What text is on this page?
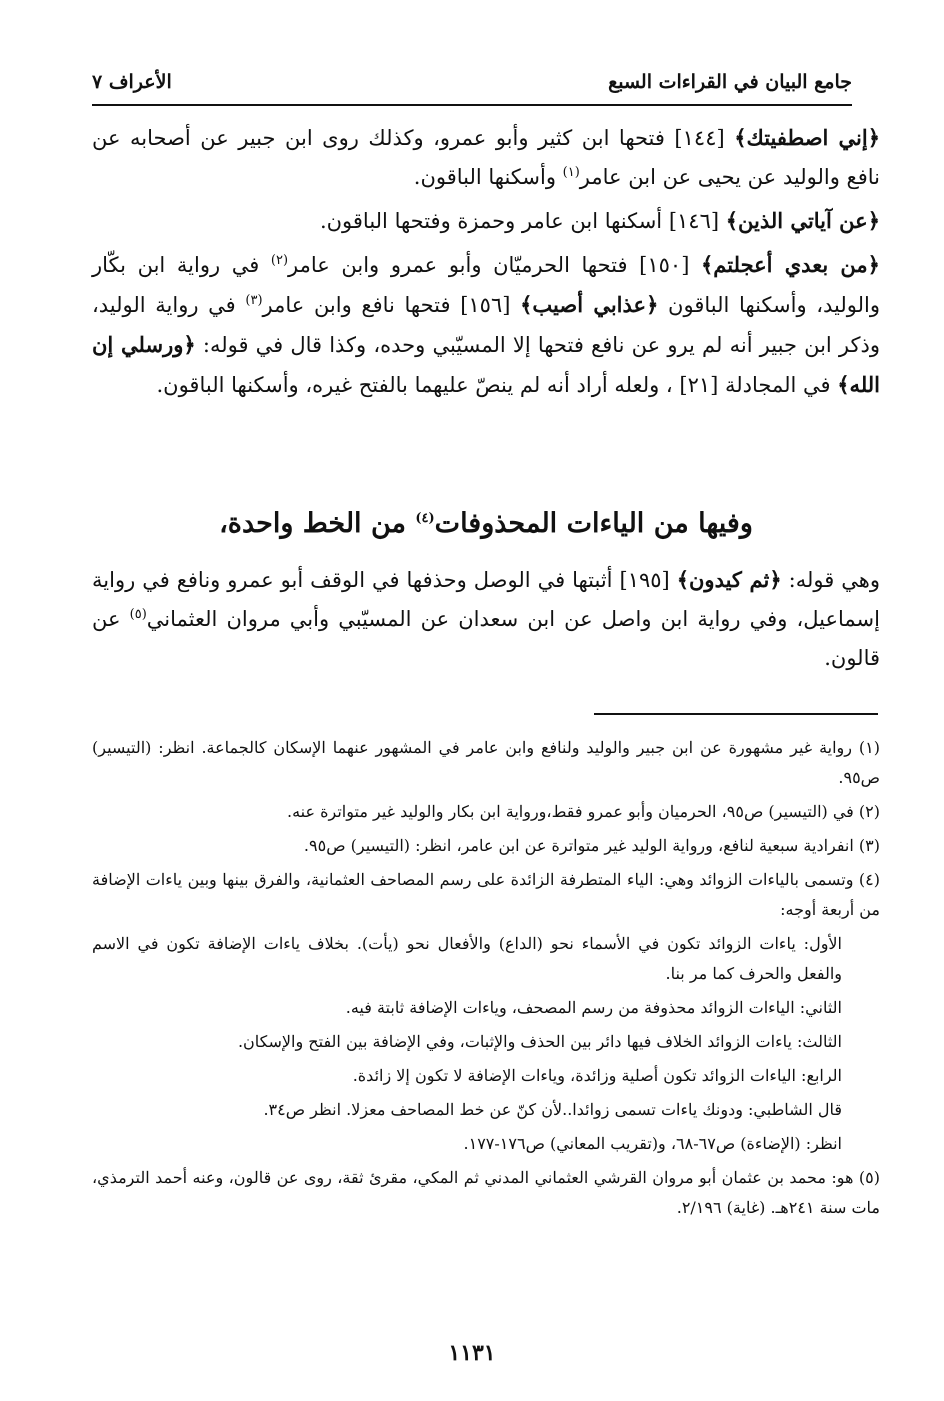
جامع البيان في القراءات السبع
الأعراف ٧

﴿إني اصطفيتك﴾ [١٤٤] فتحها ابن كثير وأبو عمرو، وكذلك روى ابن جبير عن أصحابه عن نافع والوليد عن يحيى عن ابن عامر$^{(١)}$ وأسكنها الباقون.

﴿عن آياتي الذين﴾ [١٤٦] أسكنها ابن عامر وحمزة وفتحها الباقون.

﴿من بعدي أعجلتم﴾ [١٥٠] فتحها الحرميّان وأبو عمرو وابن عامر$^{(٢)}$ في رواية ابن بكّار والوليد، وأسكنها الباقون ﴿عذابي أصيب﴾ [١٥٦] فتحها نافع وابن عامر$^{(٣)}$ في رواية الوليد، وذكر ابن جبير أنه لم يرو عن نافع فتحها إلا المسيّبي وحده، وكذا قال في قوله: ﴿ورسلي إن الله﴾ في المجادلة [٢١] ، ولعله أراد أنه لم ينصّ عليهما بالفتح غيره، وأسكنها الباقون.

وفيها من الياءات المحذوفات$^{(٤)}$ من الخط واحدة،

وهي قوله: ﴿ثم كيدون﴾ [١٩٥] أثبتها في الوصل وحذفها في الوقف أبو عمرو ونافع في رواية إسماعيل، وفي رواية ابن واصل عن ابن سعدان عن المسيّبي وأبي مروان العثماني$^{(٥)}$ عن قالون.

(١) رواية غير مشهورة عن ابن جبير والوليد ولنافع وابن عامر في المشهور عنهما الإسكان كالجماعة. انظر: (التيسير) ص٩٥.

(٢) في (التيسير) ص٩٥، الحرميان وأبو عمرو فقط،ورواية ابن بكار والوليد غير متواترة عنه.

(٣) انفرادية سبعية لنافع، ورواية الوليد غير متواترة عن ابن عامر، انظر: (التيسير) ص٩٥.

(٤) وتسمى بالياءات الزوائد وهي: الياء المتطرفة الزائدة على رسم المصاحف العثمانية، والفرق بينها وبين ياءات الإضافة من أربعة أوجه:

الأول: ياءات الزوائد تكون في الأسماء نحو (الداع) والأفعال نحو (يأت). بخلاف ياءات الإضافة تكون في الاسم والفعل والحرف كما مر بنا.

الثاني: الياءات الزوائد محذوفة من رسم المصحف، وياءات الإضافة ثابتة فيه.

الثالث: ياءات الزوائد الخلاف فيها دائر بين الحذف والإثبات، وفي الإضافة بين الفتح والإسكان.

الرابع: الياءات الزوائد تكون أصلية وزائدة، وياءات الإضافة لا تكون إلا زائدة.

قال الشاطبي: ودونك ياءات تسمى زوائدا..لأن كنّ عن خط المصاحف معزلا. انظر ص٣٤.

انظر: (الإضاءة) ص٦٧-٦٨، و(تقريب المعاني) ص١٧٦-١٧٧.

(٥) هو: محمد بن عثمان أبو مروان القرشي العثماني المدني ثم المكي، مقرئ ثقة، روى عن قالون، وعنه أحمد الترمذي، مات سنة ٢٤١هـ. (غاية) ٢/١٩٦.

١١٣١
